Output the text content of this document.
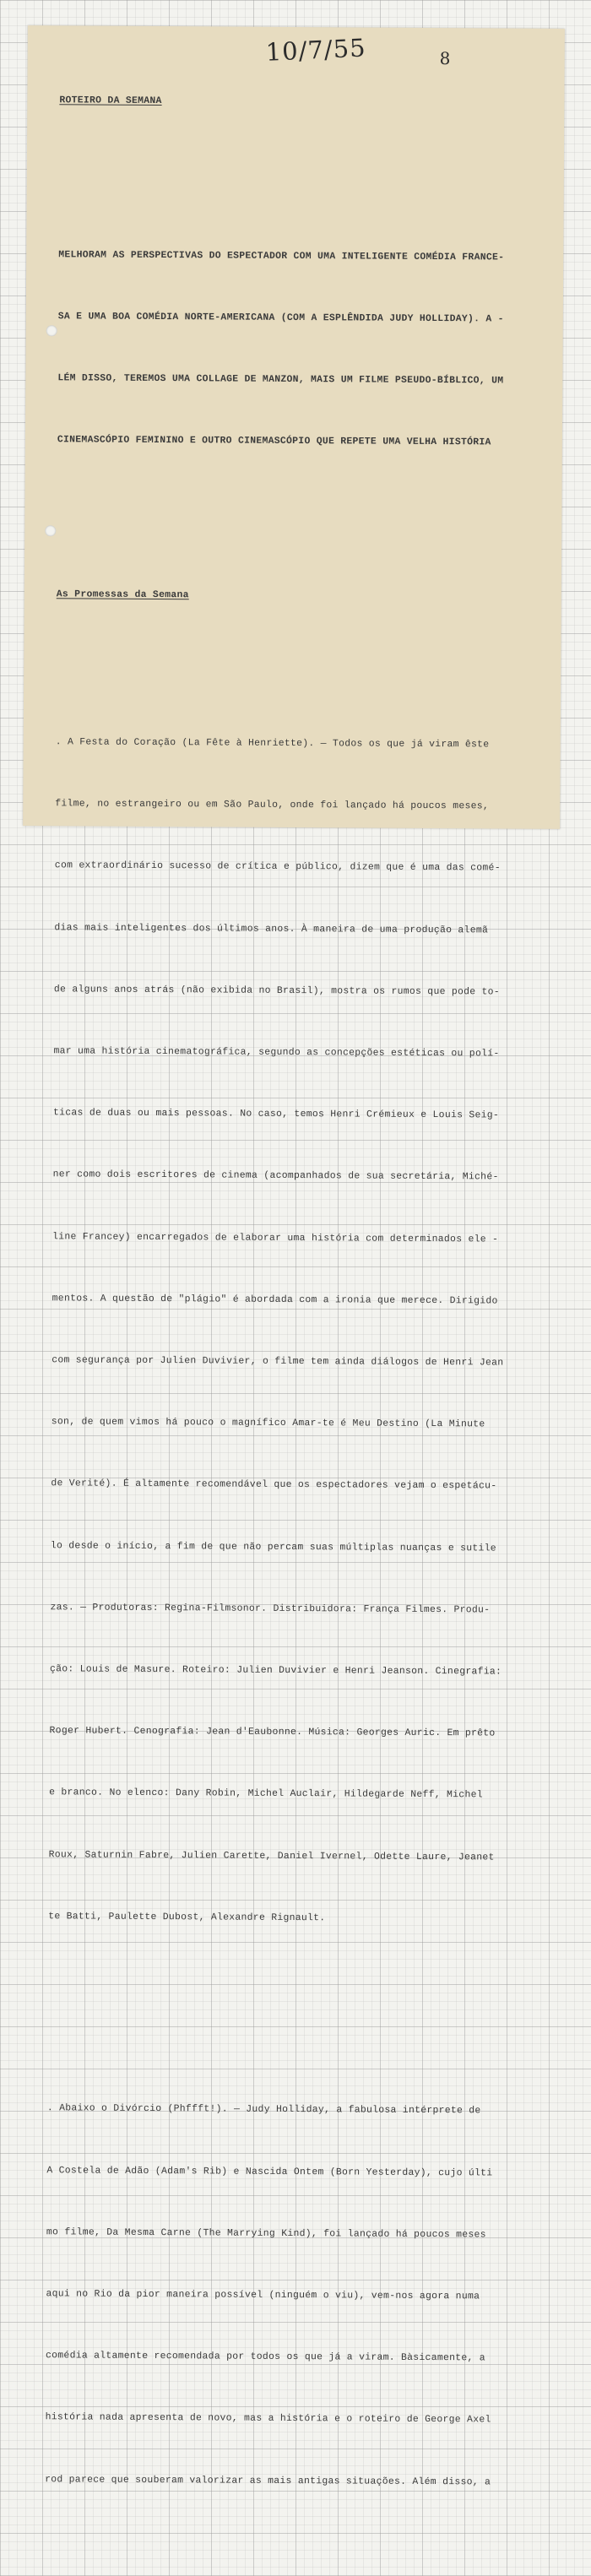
10/7/55	8

ROTEIRO DA SEMANA

MELHORAM AS PERSPECTIVAS DO ESPECTADOR COM UMA INTELIGENTE COMÉDIA FRANCE-

SA E UMA BOA COMÉDIA NORTE-AMERICANA (COM A ESPLÊNDIDA JUDY HOLLIDAY). A -

LÉM DISSO, TEREMOS UMA COLLAGE DE MANZON, MAIS UM FILME PSEUDO-BÍBLICO, UM

CINEMASCÓPIO FEMININO E OUTRO CINEMASCÓPIO QUE REPETE UMA VELHA HISTÓRIA

As Promessas da Semana

. A Festa do Coração (La Fête à Henriette). — Todos os que já viram êste

filme, no estrangeiro ou em São Paulo, onde foi lançado há poucos meses,

com extraordinário sucesso de crítica e público, dizem que é uma das comé-

dias mais inteligentes dos últimos anos. À maneira de uma produção alemã

de alguns anos atrás (não exibida no Brasil), mostra os rumos que pode to-

mar uma história cinematográfica, segundo as concepções estéticas ou polí-

ticas de duas ou mais pessoas. No caso, temos Henri Crémieux e Louis Seig-

ner como dois escritores de cinema (acompanhados de sua secretária, Miché-

line Francey) encarregados de elaborar uma história com determinados ele -

mentos. A questão de "plágio" é abordada com a ironia que merece. Dirigido

com segurança por Julien Duvivier, o filme tem ainda diálogos de Henri Jean

son, de quem vimos há pouco o magnífico Amar-te é Meu Destino (La Minute

de Verité). É altamente recomendável que os espectadores vejam o espetácu-

lo desde o início, a fim de que não percam suas múltiplas nuanças e sutile

zas. — Produtoras: Regina-Filmsonor. Distribuidora: França Filmes. Produ-

ção: Louis de Masure. Roteiro: Julien Duvivier e Henri Jeanson. Cinegrafia:

Roger Hubert. Cenografia: Jean d'Eaubonne. Música: Georges Auric. Em prêto

e branco. No elenco: Dany Robin, Michel Auclair, Hildegarde Neff, Michel

Roux, Saturnin Fabre, Julien Carette, Daniel Ivernel, Odette Laure, Jeanet

te Batti, Paulette Dubost, Alexandre Rignault.

. Abaixo o Divórcio (Phffft!). — Judy Holliday, a fabulosa intérprete de

A Costela de Adão (Adam's Rib) e Nascida Ontem (Born Yesterday), cujo últi

mo filme, Da Mesma Carne (The Marrying Kind), foi lançado há poucos meses

aqui no Rio da pior maneira possível (ninguém o viu), vem-nos agora numa

comédia altamente recomendada por todos os que já a viram. Bàsicamente, a

história nada apresenta de novo, mas a história e o roteiro de George Axel

rod parece que souberam valorizar as mais antigas situações. Além disso, a
